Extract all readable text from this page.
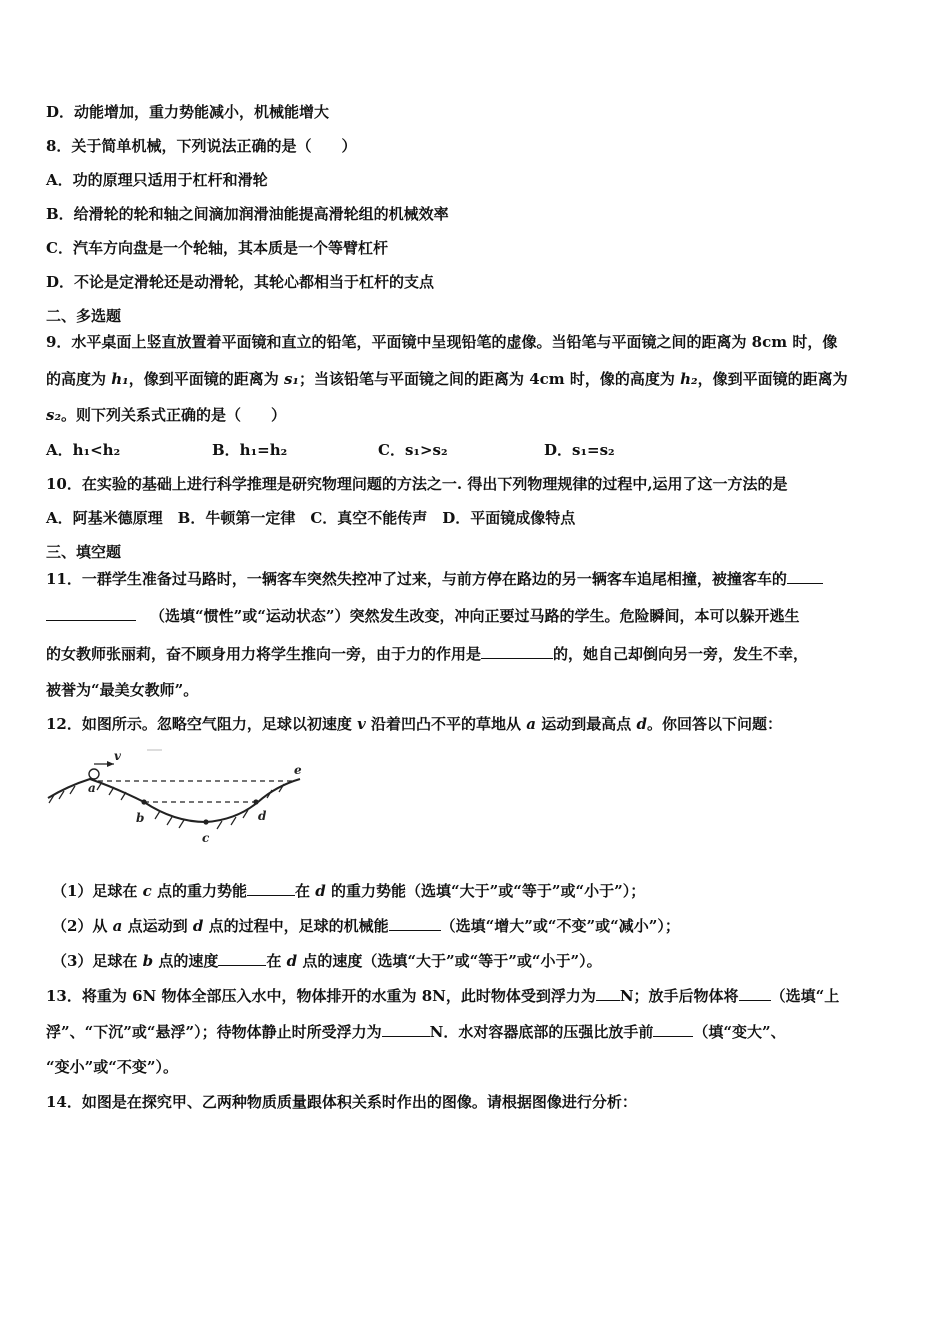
D．动能增加，重力势能减小，机械能增大
8．关于简单机械，下列说法正确的是（　　）
A．功的原理只适用于杠杆和滑轮
B．给滑轮的轮和轴之间滴加润滑油能提高滑轮组的机械效率
C．汽车方向盘是一个轮轴，其本质是一个等臂杠杆
D．不论是定滑轮还是动滑轮，其轮心都相当于杠杆的支点
二、多选题
9．水平桌面上竖直放置着平面镜和直立的铅笔，平面镜中呈现铅笔的虚像。当铅笔与平面镜之间的距离为 8cm 时，像
的高度为 h₁，像到平面镜的距离为 s₁；当该铅笔与平面镜之间的距离为 4cm 时，像的高度为 h₂，像到平面镜的距离为
s₂。则下列关系式正确的是（　　）
A．h₁<h₂	B．h₁=h₂	C．s₁>s₂	D．s₁=s₂
10．在实验的基础上进行科学推理是研究物理问题的方法之一. 得出下列物理规律的过程中,运用了这一方法的是
A．阿基米德原理　B．牛顿第一定律　C．真空不能传声　D．平面镜成像特点
三、填空题
11．一群学生准备过马路时，一辆客车突然失控冲了过来，与前方停在路边的另一辆客车追尾相撞，被撞客车的
（选填“惯性”或“运动状态”）突然发生改变，冲向正要过马路的学生。危险瞬间，本可以躲开逃生
的女教师张丽莉，奋不顾身用力将学生推向一旁，由于力的作用是	的，她自己却倒向另一旁，发生不幸，
被誉为“最美女教师”。
12．如图所示。忽略空气阻力，足球以初速度 v 沿着凹凸不平的草地从 a 运动到最高点 d。你回答以下问题：
v
a
b
c
d
e
（1）足球在 c 点的重力势能	在 d 的重力势能（选填“大于”或“等于”或“小于”）；
（2）从 a 点运动到 d 点的过程中，足球的机械能	（选填“增大”或“不变”或“减小”）；
（3）足球在 b 点的速度	在 d 点的速度（选填“大于”或“等于”或“小于”）。
13．将重为 6N 物体全部压入水中，物体排开的水重为 8N，此时物体受到浮力为 N；放手后物体将 （选填“上
浮”、“下沉”或“悬浮”）；待物体静止时所受浮力为	N．水对容器底部的压强比放手前	（填“变大”、
“变小”或“不变”）。
14．如图是在探究甲、乙两种物质质量跟体积关系时作出的图像。请根据图像进行分析：
